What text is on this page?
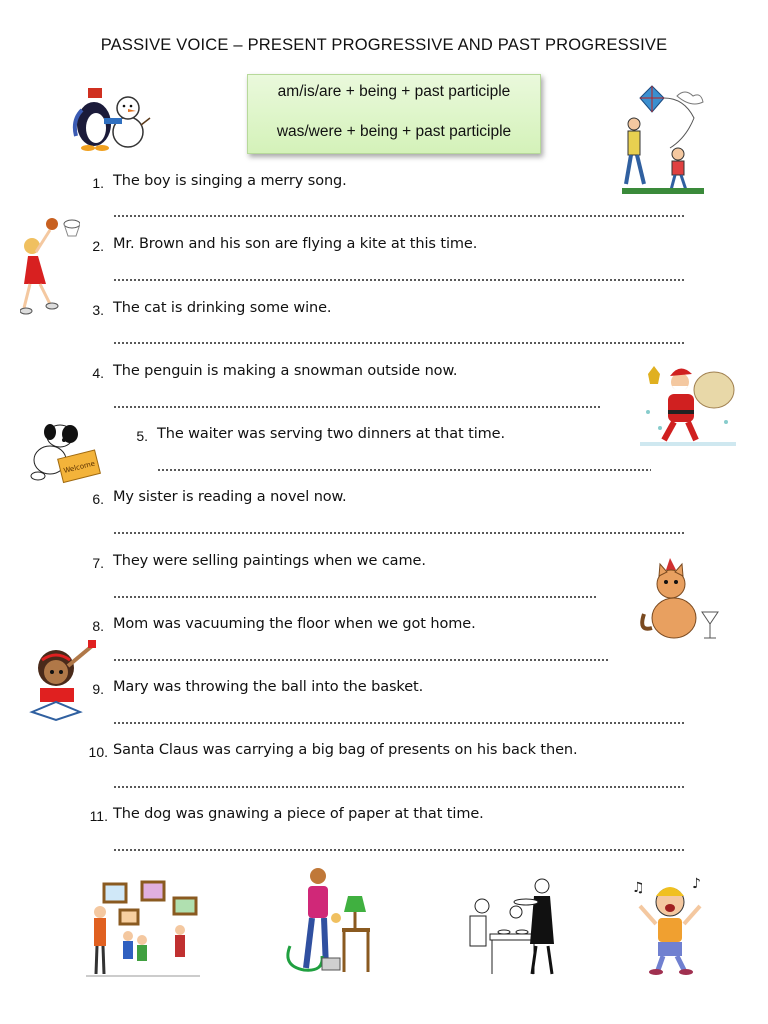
PASSIVE VOICE – PRESENT PROGRESSIVE AND PAST PROGRESSIVE
am/is/are + being + past participle
was/were + being + past participle
1. The boy is singing a merry song.
2. Mr. Brown and his son are flying a kite at this time.
3. The cat is drinking some wine.
4. The penguin is making a snowman outside now.
5. The waiter was serving two dinners at that time.
6. My sister is reading a novel now.
7. They were selling paintings when we came.
8. Mom was vacuuming the floor when we got home.
9. Mary was throwing the ball into the basket.
10. Santa Claus was carrying a big bag of presents on his back then.
11. The dog was gnawing a piece of paper at that time.
Welcome
♫	♪
